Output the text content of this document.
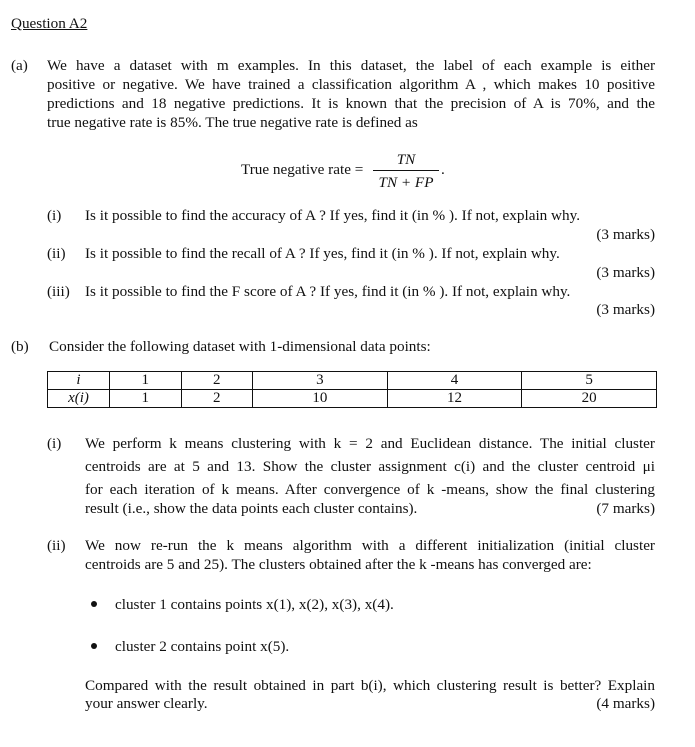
Question A2
(a) We have a dataset with m examples. In this dataset, the label of each example is either
positive or negative. We have trained a classification algorithm A , which makes 10 positive
predictions and 18 negative predictions. It is known that the precision of A is 70%, and the
true negative rate is 85%. The true negative rate is defined as
True negative rate =
TN
TN + FP
.
(i) Is it possible to find the accuracy of A ? If yes, find it (in % ). If not, explain why.
(3 marks)
(ii) Is it possible to find the recall of A ? If yes, find it (in % ). If not, explain why.
(3 marks)
(iii) Is it possible to find the F score of A ? If yes, find it (in % ). If not, explain why.
(3 marks)
(b) Consider the following dataset with 1-dimensional data points:
i	1	2	3	4	5
x(i)	1	2	10	12	20
(i) We perform k means clustering with k = 2 and Euclidean distance. The initial cluster
centroids are at 5 and 13. Show the cluster assignment c(i) and the cluster centroid μi
for each iteration of k means. After convergence of k -means, show the final clustering
result (i.e., show the data points each cluster contains).	(7 marks)
(ii) We now re-run the k means algorithm with a different initialization (initial cluster
centroids are 5 and 25). The clusters obtained after the k -means has converged are:
cluster 1 contains points x(1), x(2), x(3), x(4).
cluster 2 contains point x(5).
Compared with the result obtained in part b(i), which clustering result is better? Explain
your answer clearly.	(4 marks)
